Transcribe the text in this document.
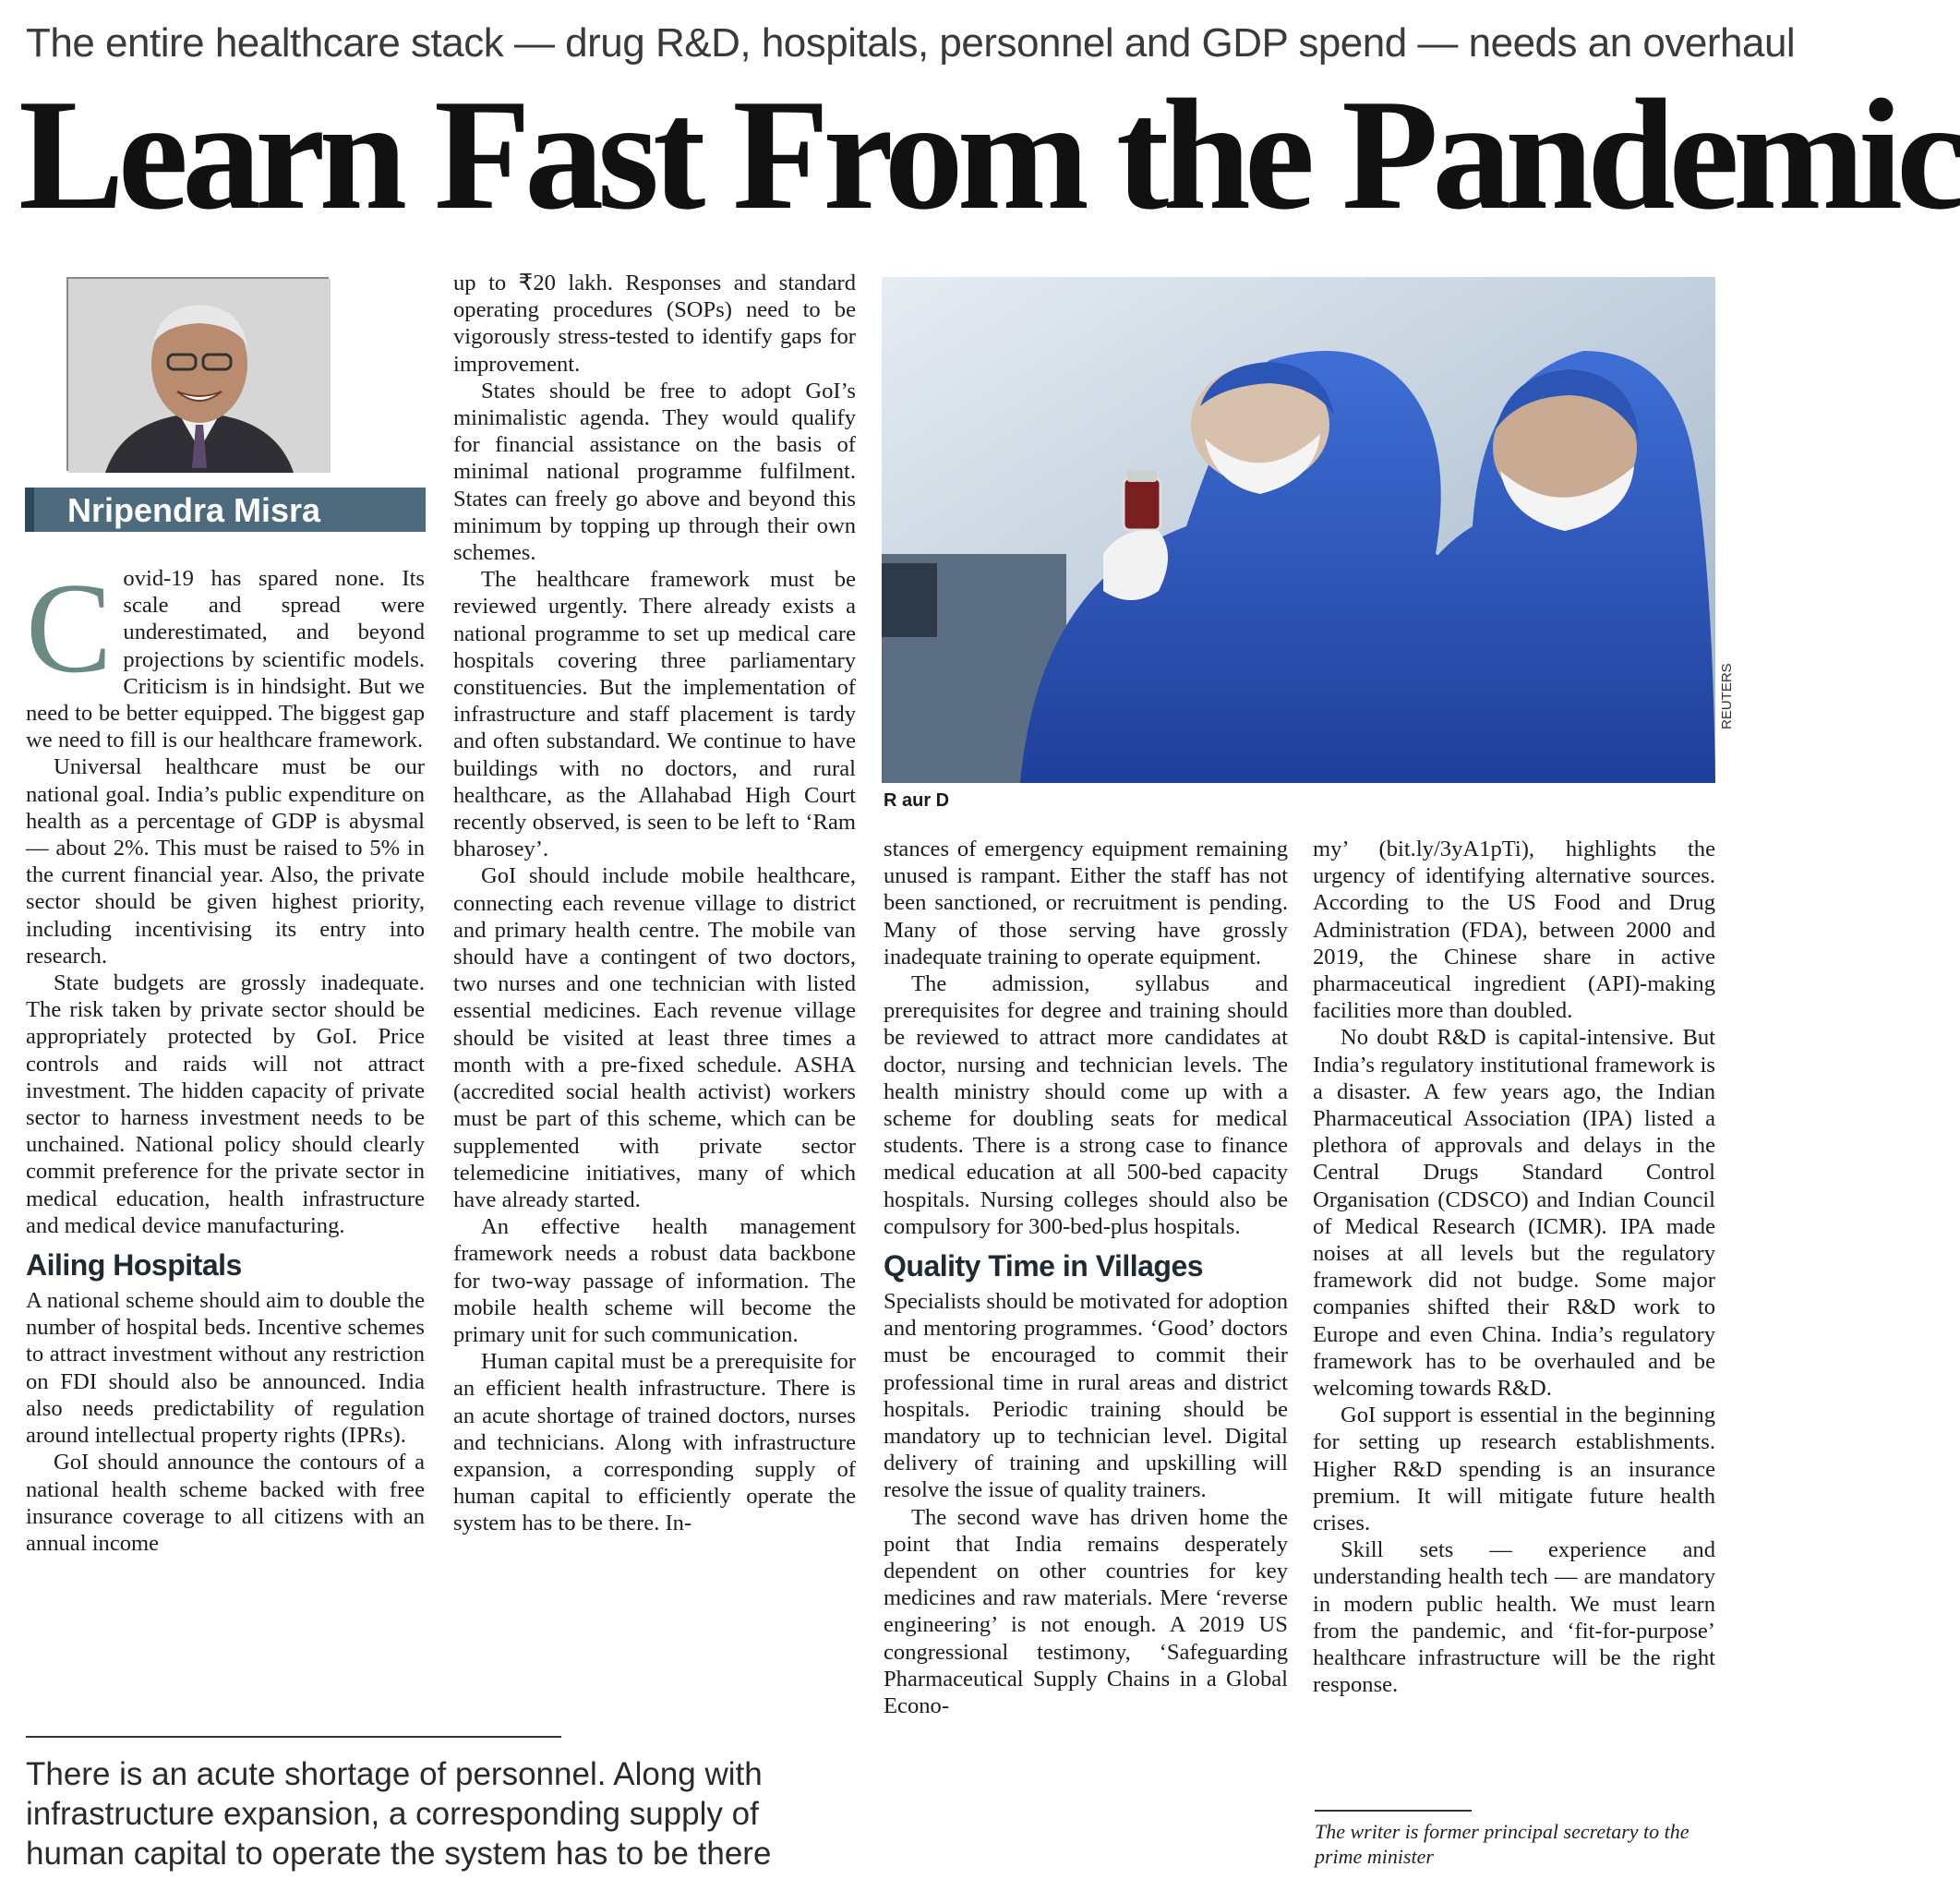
The entire healthcare stack — drug R&D, hospitals, personnel and GDP spend — needs an overhaul
Learn Fast From the Pandemic
Nripendra Misra
C ovid-19 has spared none. Its scale and spread were underestimated, and beyond projections by scientific models. Criticism is in hindsight. But we need to be better equipped. The biggest gap we need to fill is our healthcare framework.

Universal healthcare must be our national goal. India’s public expenditure on health as a percentage of GDP is abysmal — about 2%. This must be raised to 5% in the current financial year. Also, the private sector should be given highest priority, including incentivising its entry into research.

State budgets are grossly inadequate. The risk taken by private sector should be appropriately protected by GoI. Price controls and raids will not attract investment. The hidden capacity of private sector to harness investment needs to be unchained. National policy should clearly commit preference for the private sector in medical education, health infrastructure and medical device manufacturing.

Ailing Hospitals

A national scheme should aim to double the number of hospital beds. Incentive schemes to attract investment without any restriction on FDI should also be announced. India also needs predictability of regulation around intellectual property rights (IPRs).

GoI should announce the contours of a national health scheme backed with free insurance coverage to all citizens with an annual income

up to ₹20 lakh. Responses and standard operating procedures (SOPs) need to be vigorously stress-tested to identify gaps for improvement.

States should be free to adopt GoI’s minimalistic agenda. They would qualify for financial assistance on the basis of minimal national programme fulfilment. States can freely go above and beyond this minimum by topping up through their own schemes.

The healthcare framework must be reviewed urgently. There already exists a national programme to set up medical care hospitals covering three parliamentary constituencies. But the implementation of infrastructure and staff placement is tardy and often substandard. We continue to have buildings with no doctors, and rural healthcare, as the Allahabad High Court recently observed, is seen to be left to ‘Ram bharosey’.

GoI should include mobile healthcare, connecting each revenue village to district and primary health centre. The mobile van should have a contingent of two doctors, two nurses and one technician with listed essential medicines. Each revenue village should be visited at least three times a month with a pre-fixed schedule. ASHA (accredited social health activist) workers must be part of this scheme, which can be supplemented with private sector telemedicine initiatives, many of which have already started.

An effective health management framework needs a robust data backbone for two-way passage of information. The mobile health scheme will become the primary unit for such communication.

Human capital must be a prerequisite for an efficient health infrastructure. There is an acute shortage of trained doctors, nurses and technicians. Along with infrastructure expansion, a corresponding supply of human capital to efficiently operate the system has to be there. In-

REUTERS
R aur D

stances of emergency equipment remaining unused is rampant. Either the staff has not been sanctioned, or recruitment is pending. Many of those serving have grossly inadequate training to operate equipment.

The admission, syllabus and prerequisites for degree and training should be reviewed to attract more candidates at doctor, nursing and technician levels. The health ministry should come up with a scheme for doubling seats for medical students. There is a strong case to finance medical education at all 500-bed capacity hospitals. Nursing colleges should also be compulsory for 300-bed-plus hospitals.

Quality Time in Villages

Specialists should be motivated for adoption and mentoring programmes. ‘Good’ doctors must be encouraged to commit their professional time in rural areas and district hospitals. Periodic training should be mandatory up to technician level. Digital delivery of training and upskilling will resolve the issue of quality trainers.

The second wave has driven home the point that India remains desperately dependent on other countries for key medicines and raw materials. Mere ‘reverse engineering’ is not enough. A 2019 US congressional testimony, ‘Safeguarding Pharmaceutical Supply Chains in a Global Econo-

my’ (bit.ly/3yA1pTi), highlights the urgency of identifying alternative sources. According to the US Food and Drug Administration (FDA), between 2000 and 2019, the Chinese share in active pharmaceutical ingredient (API)-making facilities more than doubled.

No doubt R&D is capital-intensive. But India’s regulatory institutional framework is a disaster. A few years ago, the Indian Pharmaceutical Association (IPA) listed a plethora of approvals and delays in the Central Drugs Standard Control Organisation (CDSCO) and Indian Council of Medical Research (ICMR). IPA made noises at all levels but the regulatory framework did not budge. Some major companies shifted their R&D work to Europe and even China. India’s regulatory framework has to be overhauled and be welcoming towards R&D.

GoI support is essential in the beginning for setting up research establishments. Higher R&D spending is an insurance premium. It will mitigate future health crises.

Skill sets — experience and understanding health tech — are mandatory in modern public health. We must learn from the pandemic, and ‘fit-for-purpose’ healthcare infrastructure will be the right response.

There is an acute shortage of personnel. Along with infrastructure expansion, a corresponding supply of human capital to operate the system has to be there
The writer is former principal secretary to the prime minister
